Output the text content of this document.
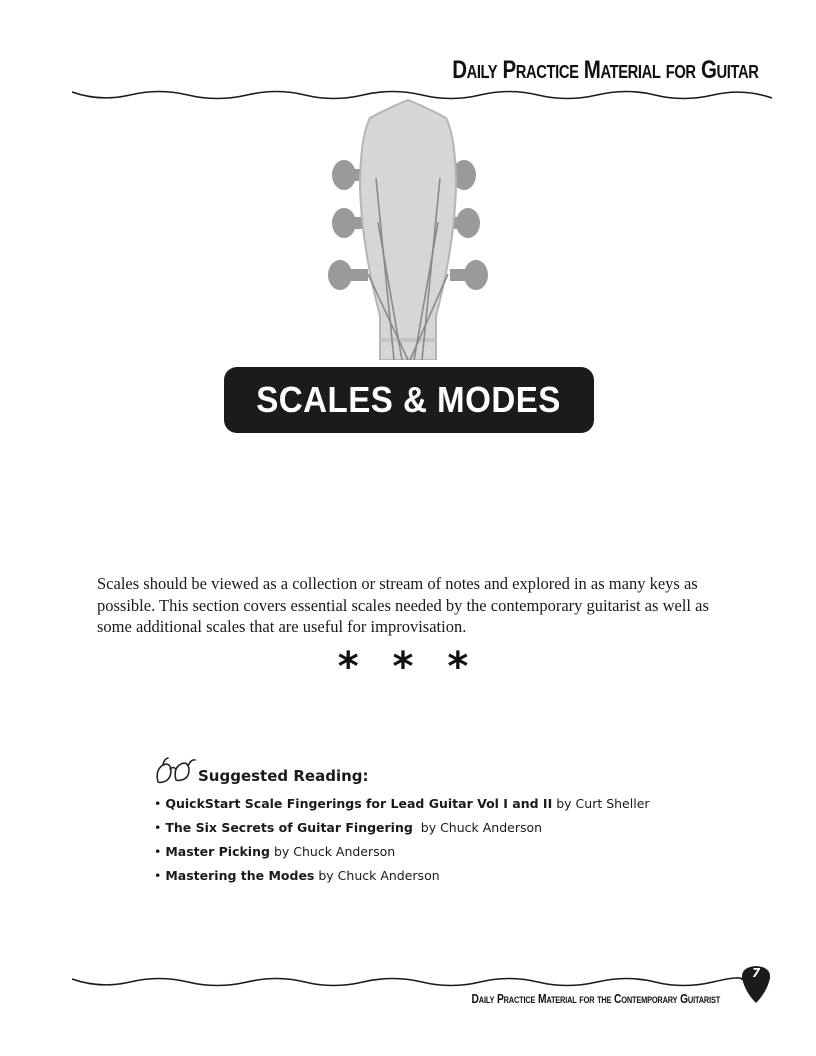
Daily Practice Material for Guitar
SCALES & MODES

Scales should be viewed as a collection or stream of notes and explored in as many keys as possible. This section covers essential scales needed by the contemporary guitarist as well as some additional scales that are useful for improvisation.

* * *
Suggested Reading:
• QuickStart Scale Fingerings for Lead Guitar Vol I and II by Curt Sheller
• The Six Secrets of Guitar Fingering by Chuck Anderson
• Master Picking by Chuck Anderson
• Mastering the Modes by Chuck Anderson
7
Daily Practice Material for the Contemporary Guitarist
